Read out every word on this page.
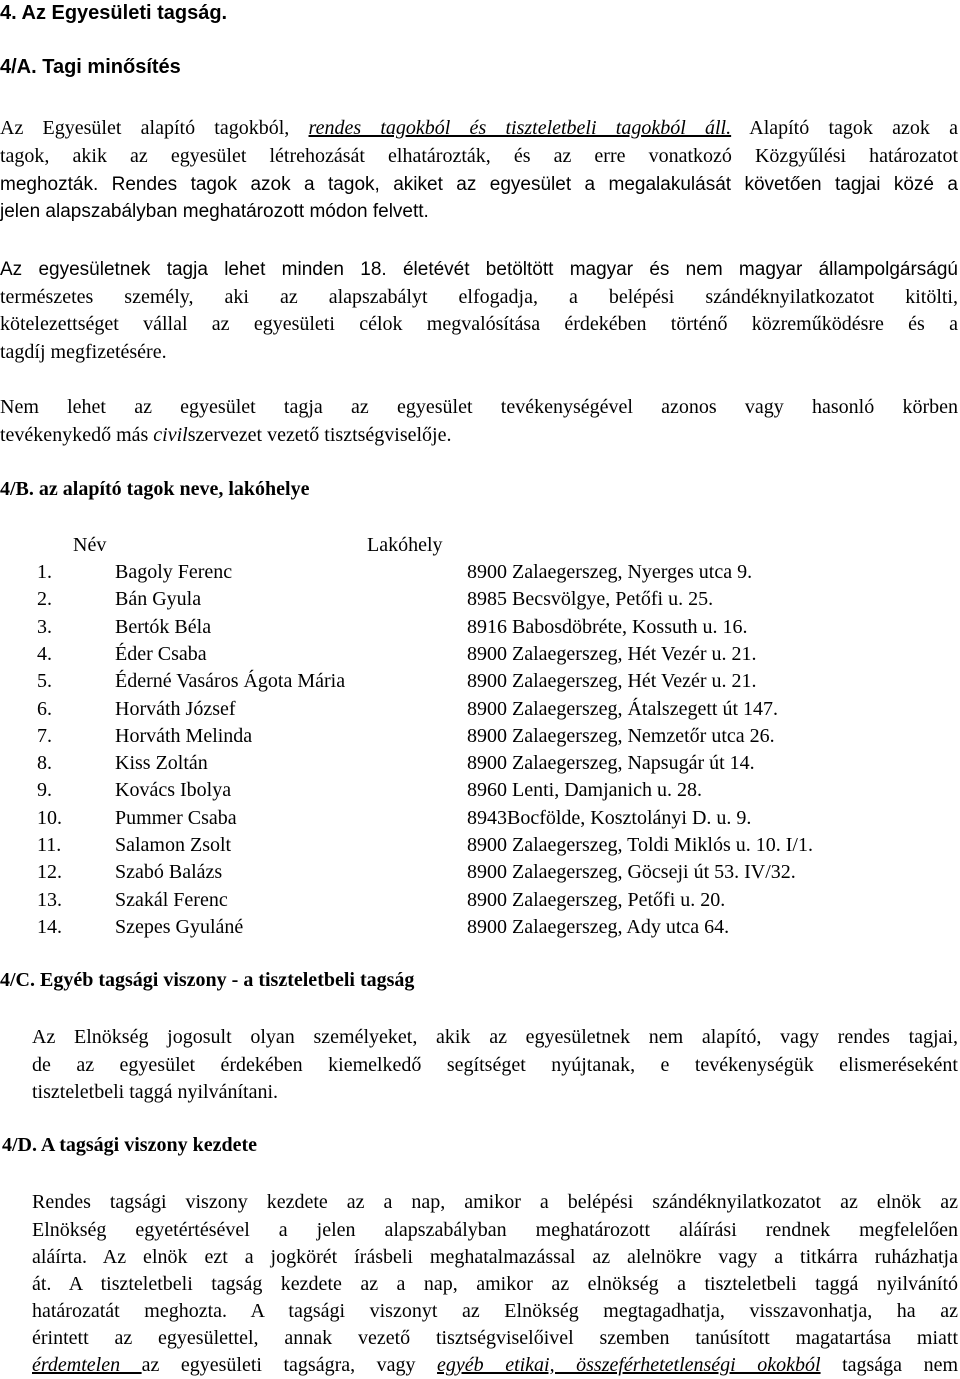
4. Az Egyesületi tagság.
4/A. Tagi minősítés
Az Egyesület alapító tagokból, rendes tagokból és tiszteletbeli tagokból áll. Alapító tagok azok a
tagok, akik az egyesület létrehozását elhatározták, és az erre vonatkozó Közgyűlési határozatot
meghozták. Rendes tagok azok a tagok, akiket az egyesület a megalakulását követően tagjai közé a
jelen alapszabályban meghatározott módon felvett.
Az egyesületnek tagja lehet minden 18. életévét betöltött magyar és nem magyar állampolgárságú
természetes személy, aki az alapszabályt elfogadja, a belépési szándéknyilatkozatot kitölti,
kötelezettséget vállal az egyesületi célok megvalósítása érdekében történő közreműködésre és a
tagdíj megfizetésére.
Nem lehet az egyesület tagja az egyesület tevékenységével azonos vagy hasonló körben
tevékenykedő más civilszervezet vezető tisztségviselője.
4/B. az alapító tagok neve, lakóhelye
Név	Lakóhely
1.	Bagoly Ferenc	8900 Zalaegerszeg, Nyerges utca 9.
2.	Bán Gyula	8985 Becsvölgye, Petőfi u. 25.
3.	Bertók Béla	8916 Babosdöbréte, Kossuth u. 16.
4.	Éder Csaba	8900 Zalaegerszeg, Hét Vezér u. 21.
5.	Éderné Vasáros Ágota Mária	8900 Zalaegerszeg, Hét Vezér u. 21.
6.	Horváth József	8900 Zalaegerszeg, Átalszegett út 147.
7.	Horváth Melinda	8900 Zalaegerszeg, Nemzetőr utca 26.
8.	Kiss Zoltán	8900 Zalaegerszeg, Napsugár út 14.
9.	Kovács Ibolya	8960 Lenti, Damjanich u. 28.
10.	Pummer Csaba	8943Bocfölde, Kosztolányi D. u. 9.
11.	Salamon Zsolt	8900 Zalaegerszeg, Toldi Miklós u. 10. I/1.
12.	Szabó Balázs	8900 Zalaegerszeg, Göcseji út 53. IV/32.
13.	Szakál Ferenc	8900 Zalaegerszeg, Petőfi u. 20.
14.	Szepes Gyuláné	8900 Zalaegerszeg, Ady utca 64.
4/C. Egyéb tagsági viszony - a tiszteletbeli tagság
Az Elnökség jogosult olyan személyeket, akik az egyesületnek nem alapító, vagy rendes tagjai,
de az egyesület érdekében kiemelkedő segítséget nyújtanak, e tevékenységük elismeréseként
tiszteletbeli taggá nyilvánítani.
4/D. A tagsági viszony kezdete
Rendes tagsági viszony kezdete az a nap, amikor a belépési szándéknyilatkozatot az elnök az
Elnökség egyetértésével a jelen alapszabályban meghatározott aláírási rendnek megfelelően
aláírta. Az elnök ezt a jogkörét írásbeli meghatalmazással az alelnökre vagy a titkárra ruházhatja
át. A tiszteletbeli tagság kezdete az a nap, amikor az elnökség a tiszteletbeli taggá nyilvánító
határozatát meghozta. A tagsági viszonyt az Elnökség megtagadhatja, visszavonhatja, ha az
érintett az egyesülettel, annak vezető tisztségviselőivel szemben tanúsított magatartása miatt
érdemtelen az egyesületi tagságra, vagy egyéb etikai, összeférhetetlenségi okokból tagsága nem
